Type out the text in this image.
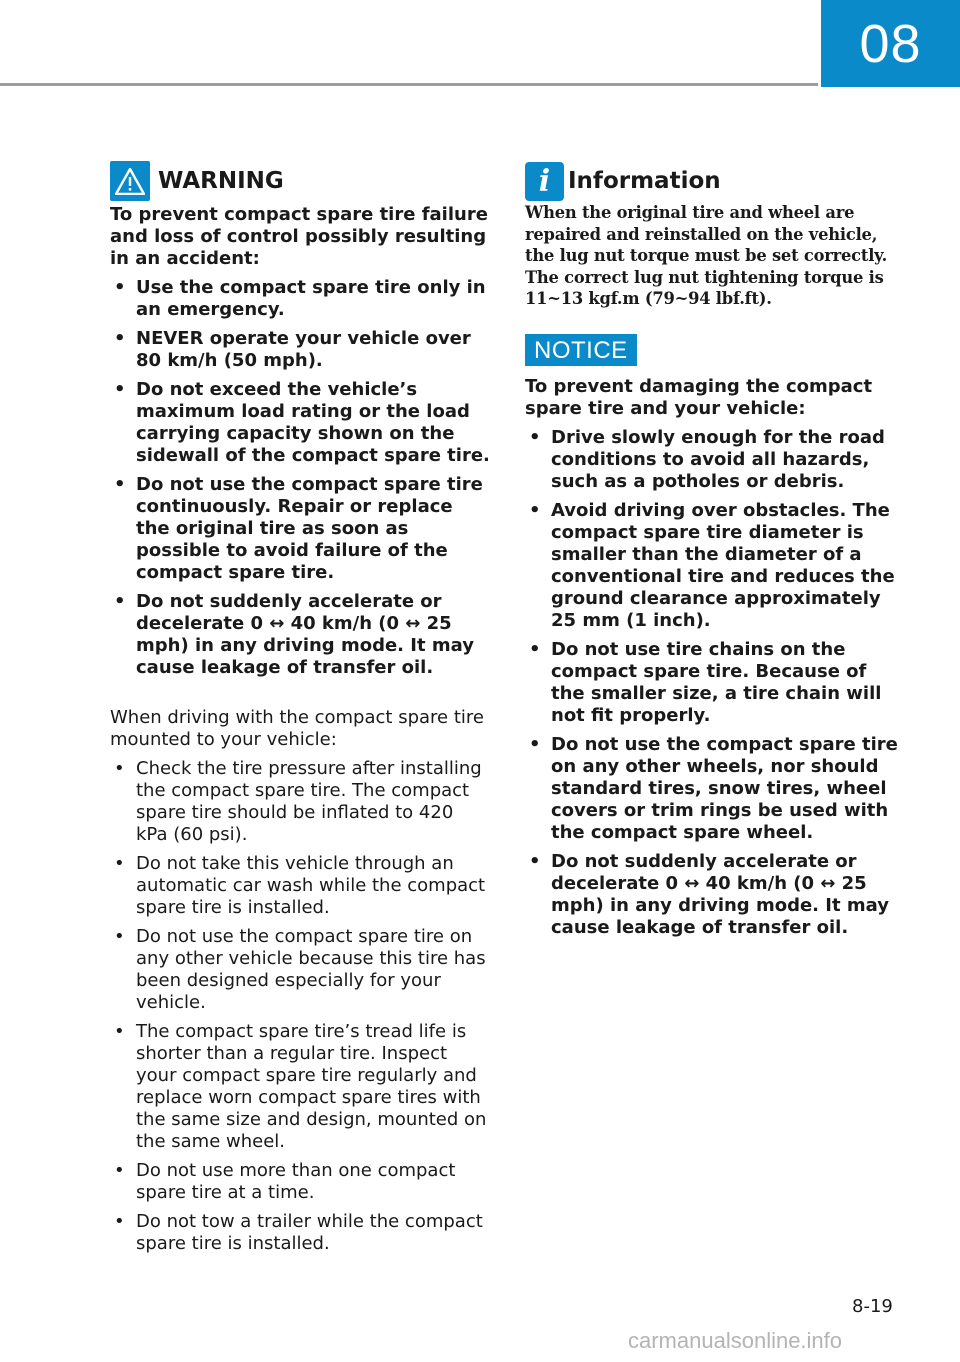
08
WARNING

To prevent compact spare tire failure and loss of control possibly resulting in an accident:

• Use the compact spare tire only in an emergency.
• NEVER operate your vehicle over 80 km/h (50 mph).
• Do not exceed the vehicle’s maximum load rating or the load carrying capacity shown on the sidewall of the compact spare tire.
• Do not use the compact spare tire continuously. Repair or replace the original tire as soon as possible to avoid failure of the compact spare tire.
• Do not suddenly accelerate or decelerate 0 ↔ 40 km/h (0 ↔ 25 mph) in any driving mode. It may cause leakage of transfer oil.

When driving with the compact spare tire mounted to your vehicle:

• Check the tire pressure after installing the compact spare tire. The compact spare tire should be inflated to 420 kPa (60 psi).
• Do not take this vehicle through an automatic car wash while the compact spare tire is installed.
• Do not use the compact spare tire on any other vehicle because this tire has been designed especially for your vehicle.
• The compact spare tire’s tread life is shorter than a regular tire. Inspect your compact spare tire regularly and replace worn compact spare tires with the same size and design, mounted on the same wheel.
• Do not use more than one compact spare tire at a time.
• Do not tow a trailer while the compact spare tire is installed.
i Information

When the original tire and wheel are repaired and reinstalled on the vehicle, the lug nut torque must be set correctly. The correct lug nut tightening torque is 11~13 kgf.m (79~94 lbf.ft).

NOTICE

To prevent damaging the compact spare tire and your vehicle:

• Drive slowly enough for the road conditions to avoid all hazards, such as a potholes or debris.
• Avoid driving over obstacles. The compact spare tire diameter is smaller than the diameter of a conventional tire and reduces the ground clearance approximately 25 mm (1 inch).
• Do not use tire chains on the compact spare tire. Because of the smaller size, a tire chain will not fit properly.
• Do not use the compact spare tire on any other wheels, nor should standard tires, snow tires, wheel covers or trim rings be used with the compact spare wheel.
• Do not suddenly accelerate or decelerate 0 ↔ 40 km/h (0 ↔ 25 mph) in any driving mode. It may cause leakage of transfer oil.
8-19
carmanualsonline.info
